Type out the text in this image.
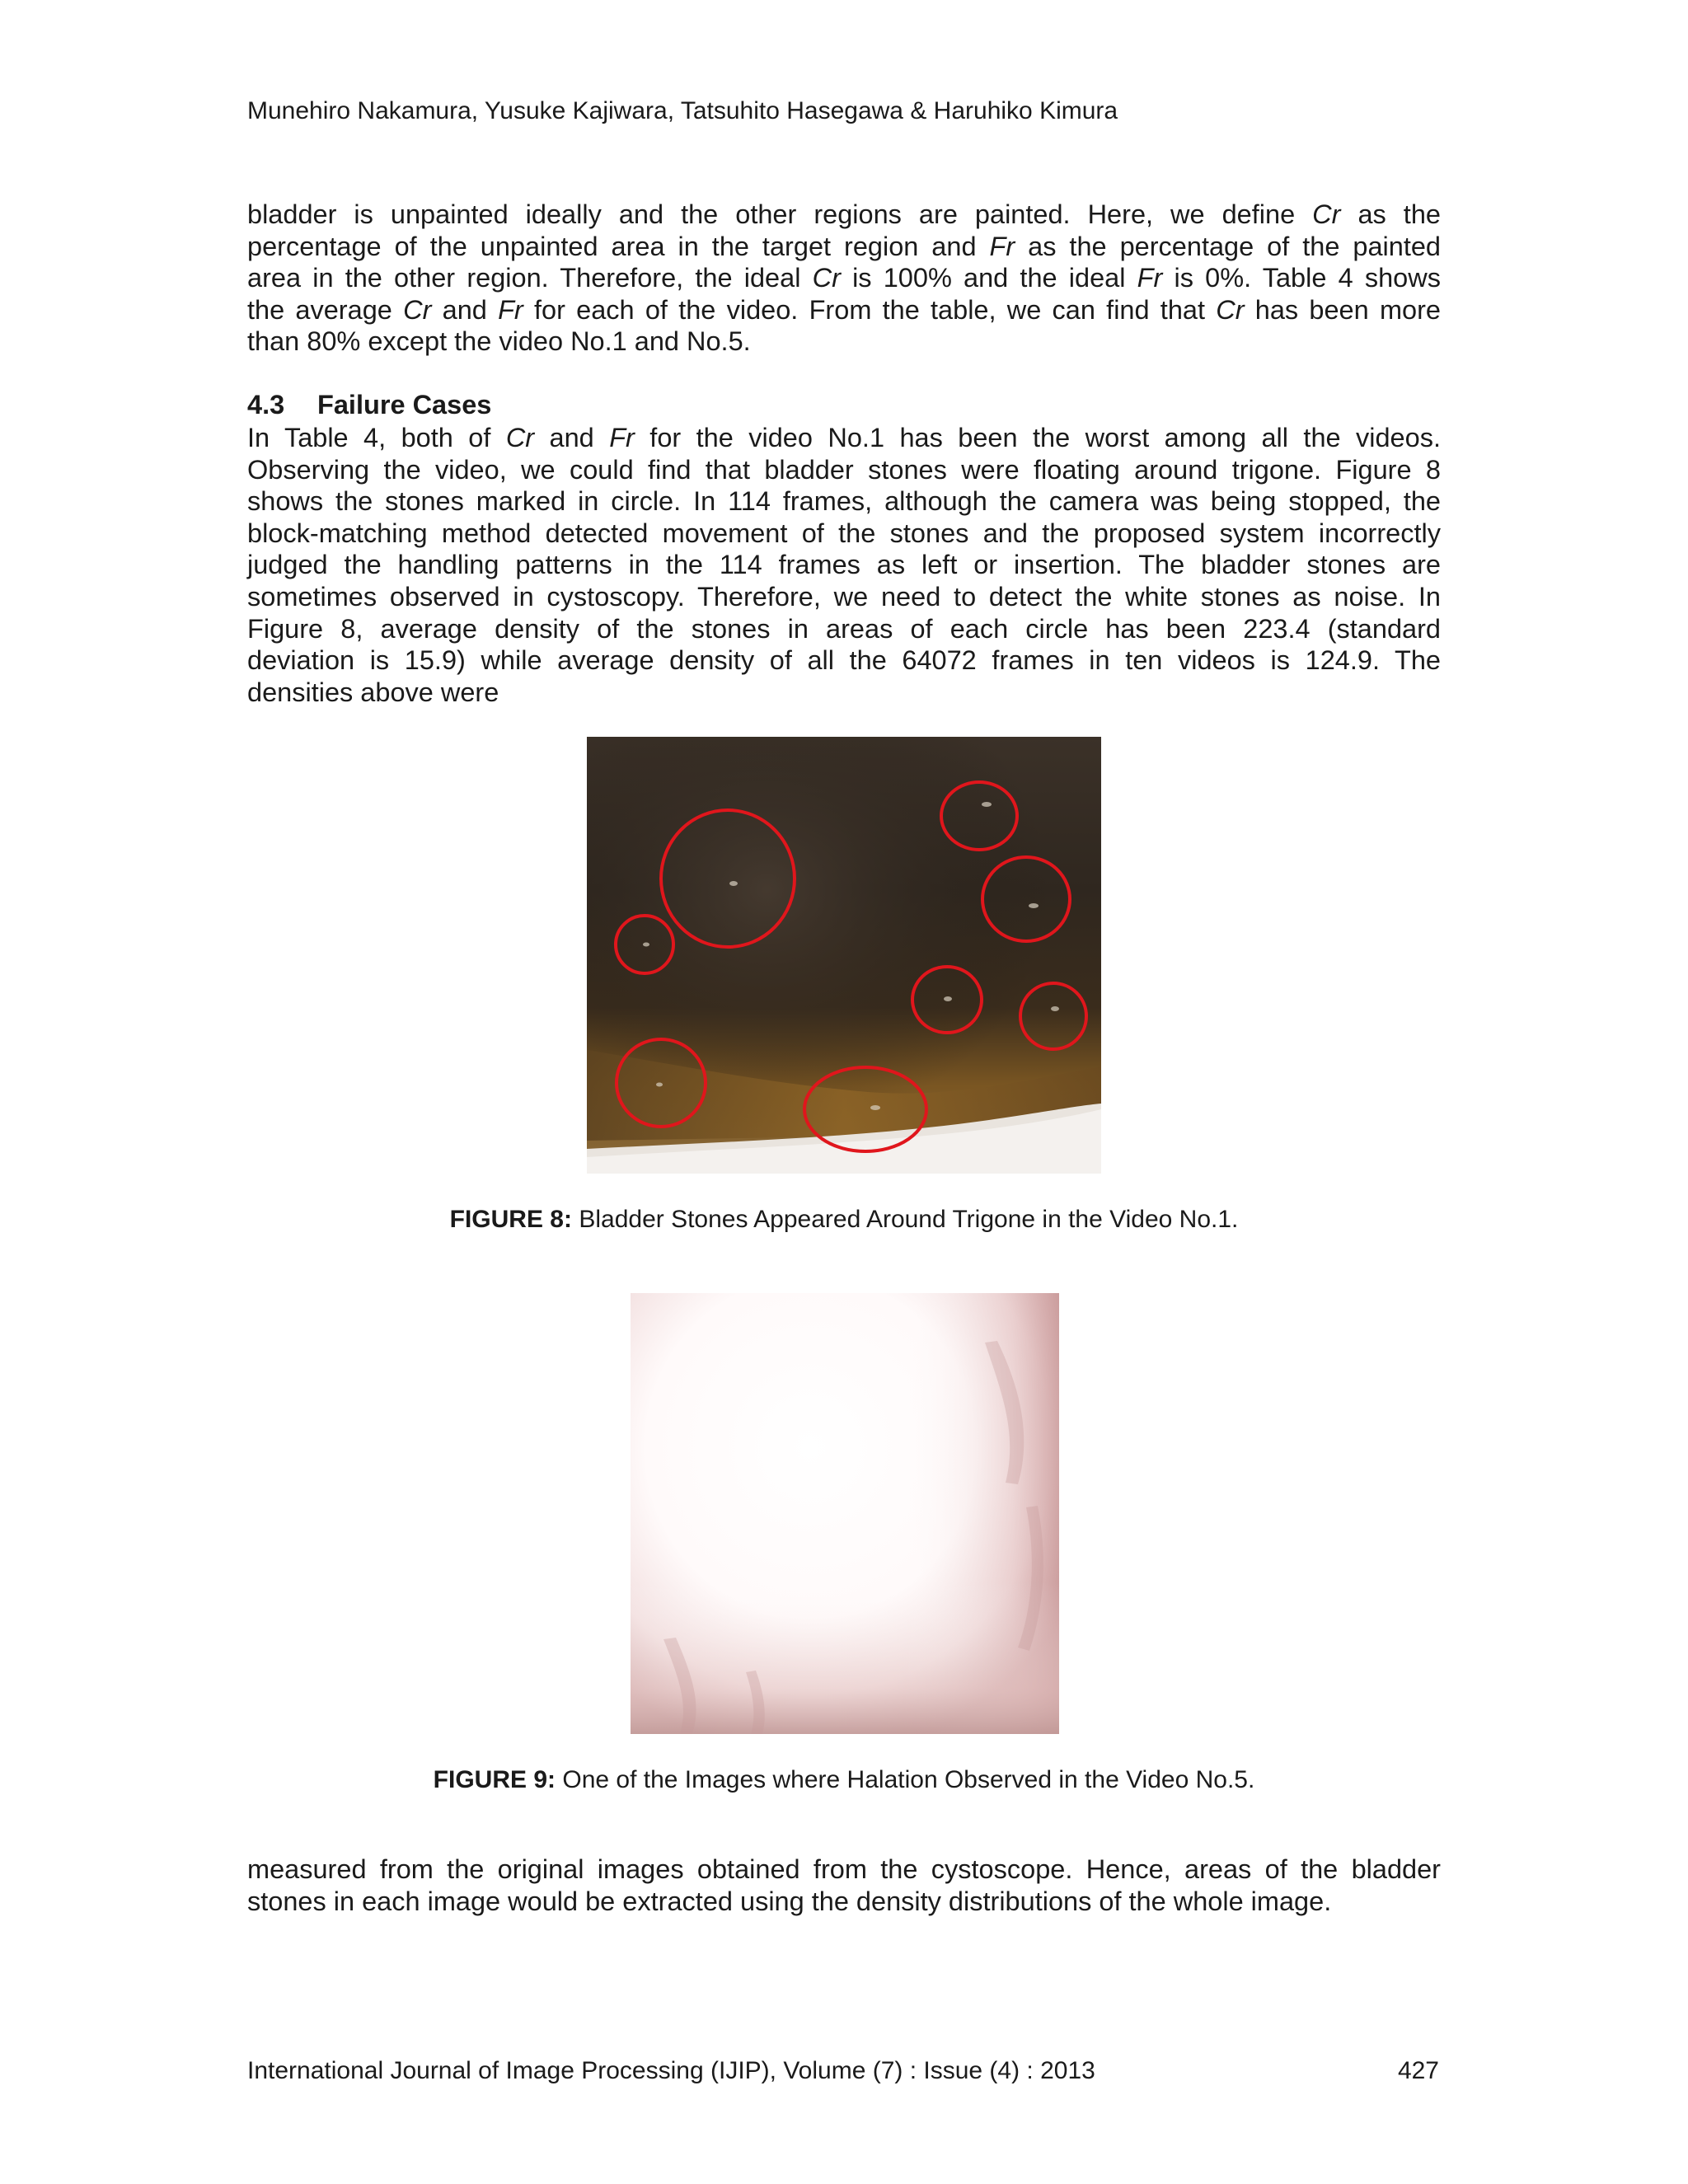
Munehiro Nakamura, Yusuke Kajiwara, Tatsuhito Hasegawa & Haruhiko Kimura
bladder is unpainted ideally and the other regions are painted. Here, we define Cr as the
percentage of the unpainted area in the target region and Fr as the percentage of the painted
area in the other region. Therefore, the ideal Cr is 100% and the ideal Fr is 0%. Table 4 shows
the average Cr and Fr for each of the video. From the table, we can find that Cr has been more
than 80% except the video No.1 and No.5.
4.3 Failure Cases
In Table 4, both of Cr and Fr for the video No.1 has been the worst among all the videos.
Observing the video, we could find that bladder stones were floating around trigone. Figure 8
shows the stones marked in circle. In 114 frames, although the camera was being stopped, the
block-matching method detected movement of the stones and the proposed system incorrectly
judged the handling patterns in the 114 frames as left or insertion. The bladder stones are
sometimes observed in cystoscopy. Therefore, we need to detect the white stones as noise. In
Figure 8, average density of the stones in areas of each circle has been 223.4 (standard
deviation is 15.9) while average density of all the 64072 frames in ten videos is 124.9. The
densities above were
FIGURE 8: Bladder Stones Appeared Around Trigone in the Video No.1.
FIGURE 9: One of the Images where Halation Observed in the Video No.5.
measured from the original images obtained from the cystoscope. Hence, areas of the bladder
stones in each image would be extracted using the density distributions of the whole image.
International Journal of Image Processing (IJIP), Volume (7) : Issue (4) : 2013	427
